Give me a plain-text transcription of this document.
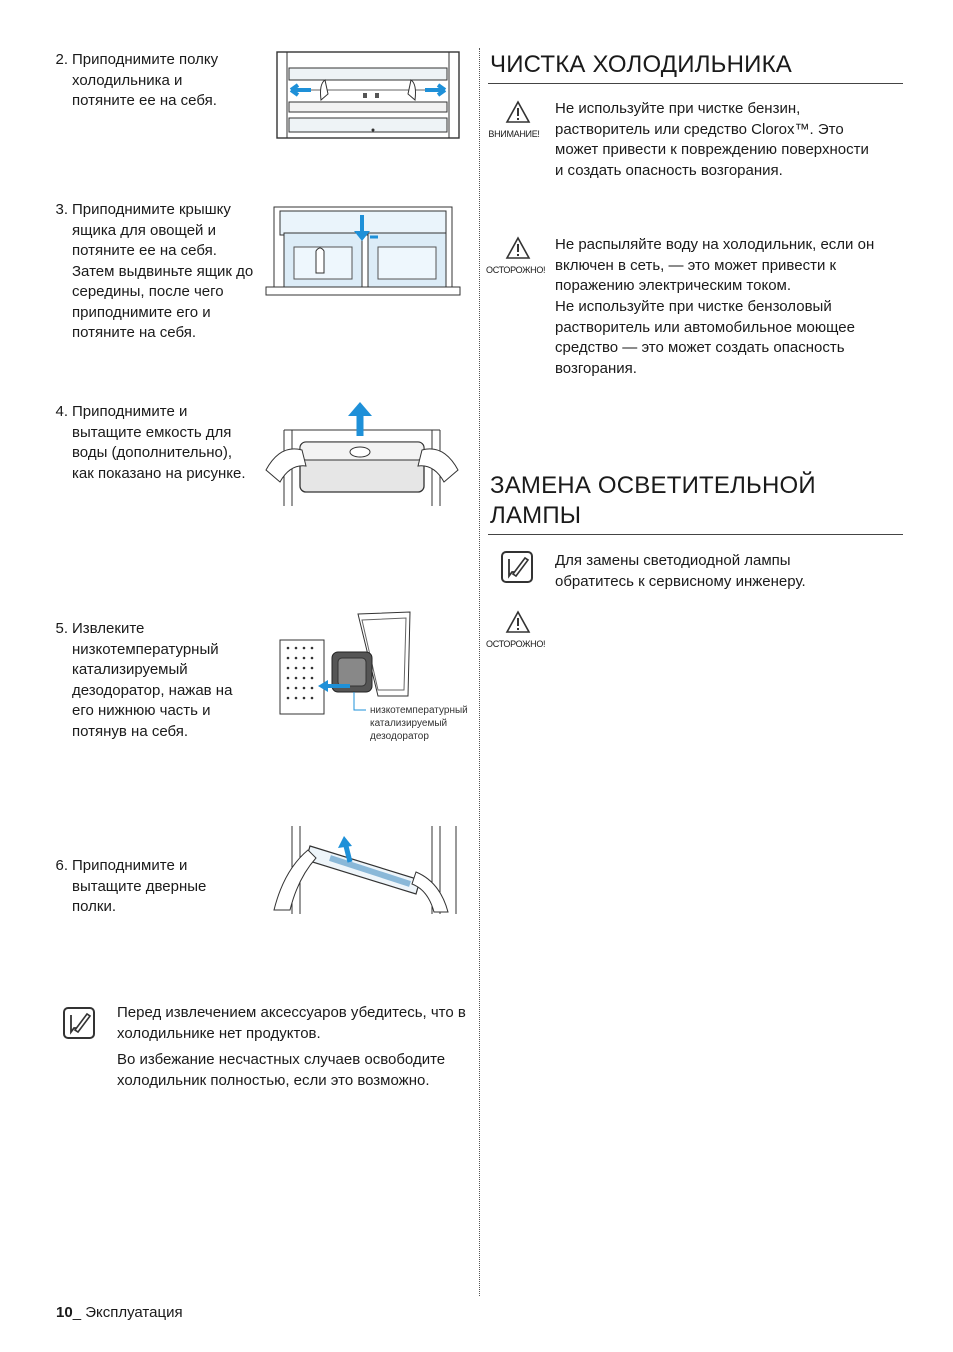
2. Приподнимите полку холодильника и потяните ее на себя.
3. Приподнимите крышку ящика для овощей и потяните ее на себя. Затем выдвиньте ящик до середины, после чего приподнимите его и потяните на себя.
4. Приподнимите и вытащите емкость для воды (дополнительно), как показано на рисунке.
5. Извлеките низкотемпературный катализируемый дезодоратор, нажав на его нижнюю часть и потянув на себя.
низкотемпературный катализируемый дезодоратор
6. Приподнимите и вытащите дверные полки.
Перед извлечением аксессуаров убедитесь, что в холодильнике нет продуктов.
Во избежание несчастных случаев освободите холодильник полностью, если это возможно.
ЧИСТКА ХОЛОДИЛЬНИКА
ВНИМАНИЕ!
Не используйте при чистке бензин, растворитель или средство Clorox™. Это может привести к повреждению поверхности и создать опасность возгорания.
ОСТОРОЖНО!
Не распыляйте воду на холодильник, если он включен в сеть, — это может привести к поражению электрическим током.
Не используйте при чистке бензоловый растворитель или автомобильное моющее средство — это может создать опасность возгорания.
ЗАМЕНА ОСВЕТИТЕЛЬНОЙ ЛАМПЫ
Для замены светодиодной лампы обратитесь к сервисному инженеру.
ОСТОРОЖНО!
10_ Эксплуатация
